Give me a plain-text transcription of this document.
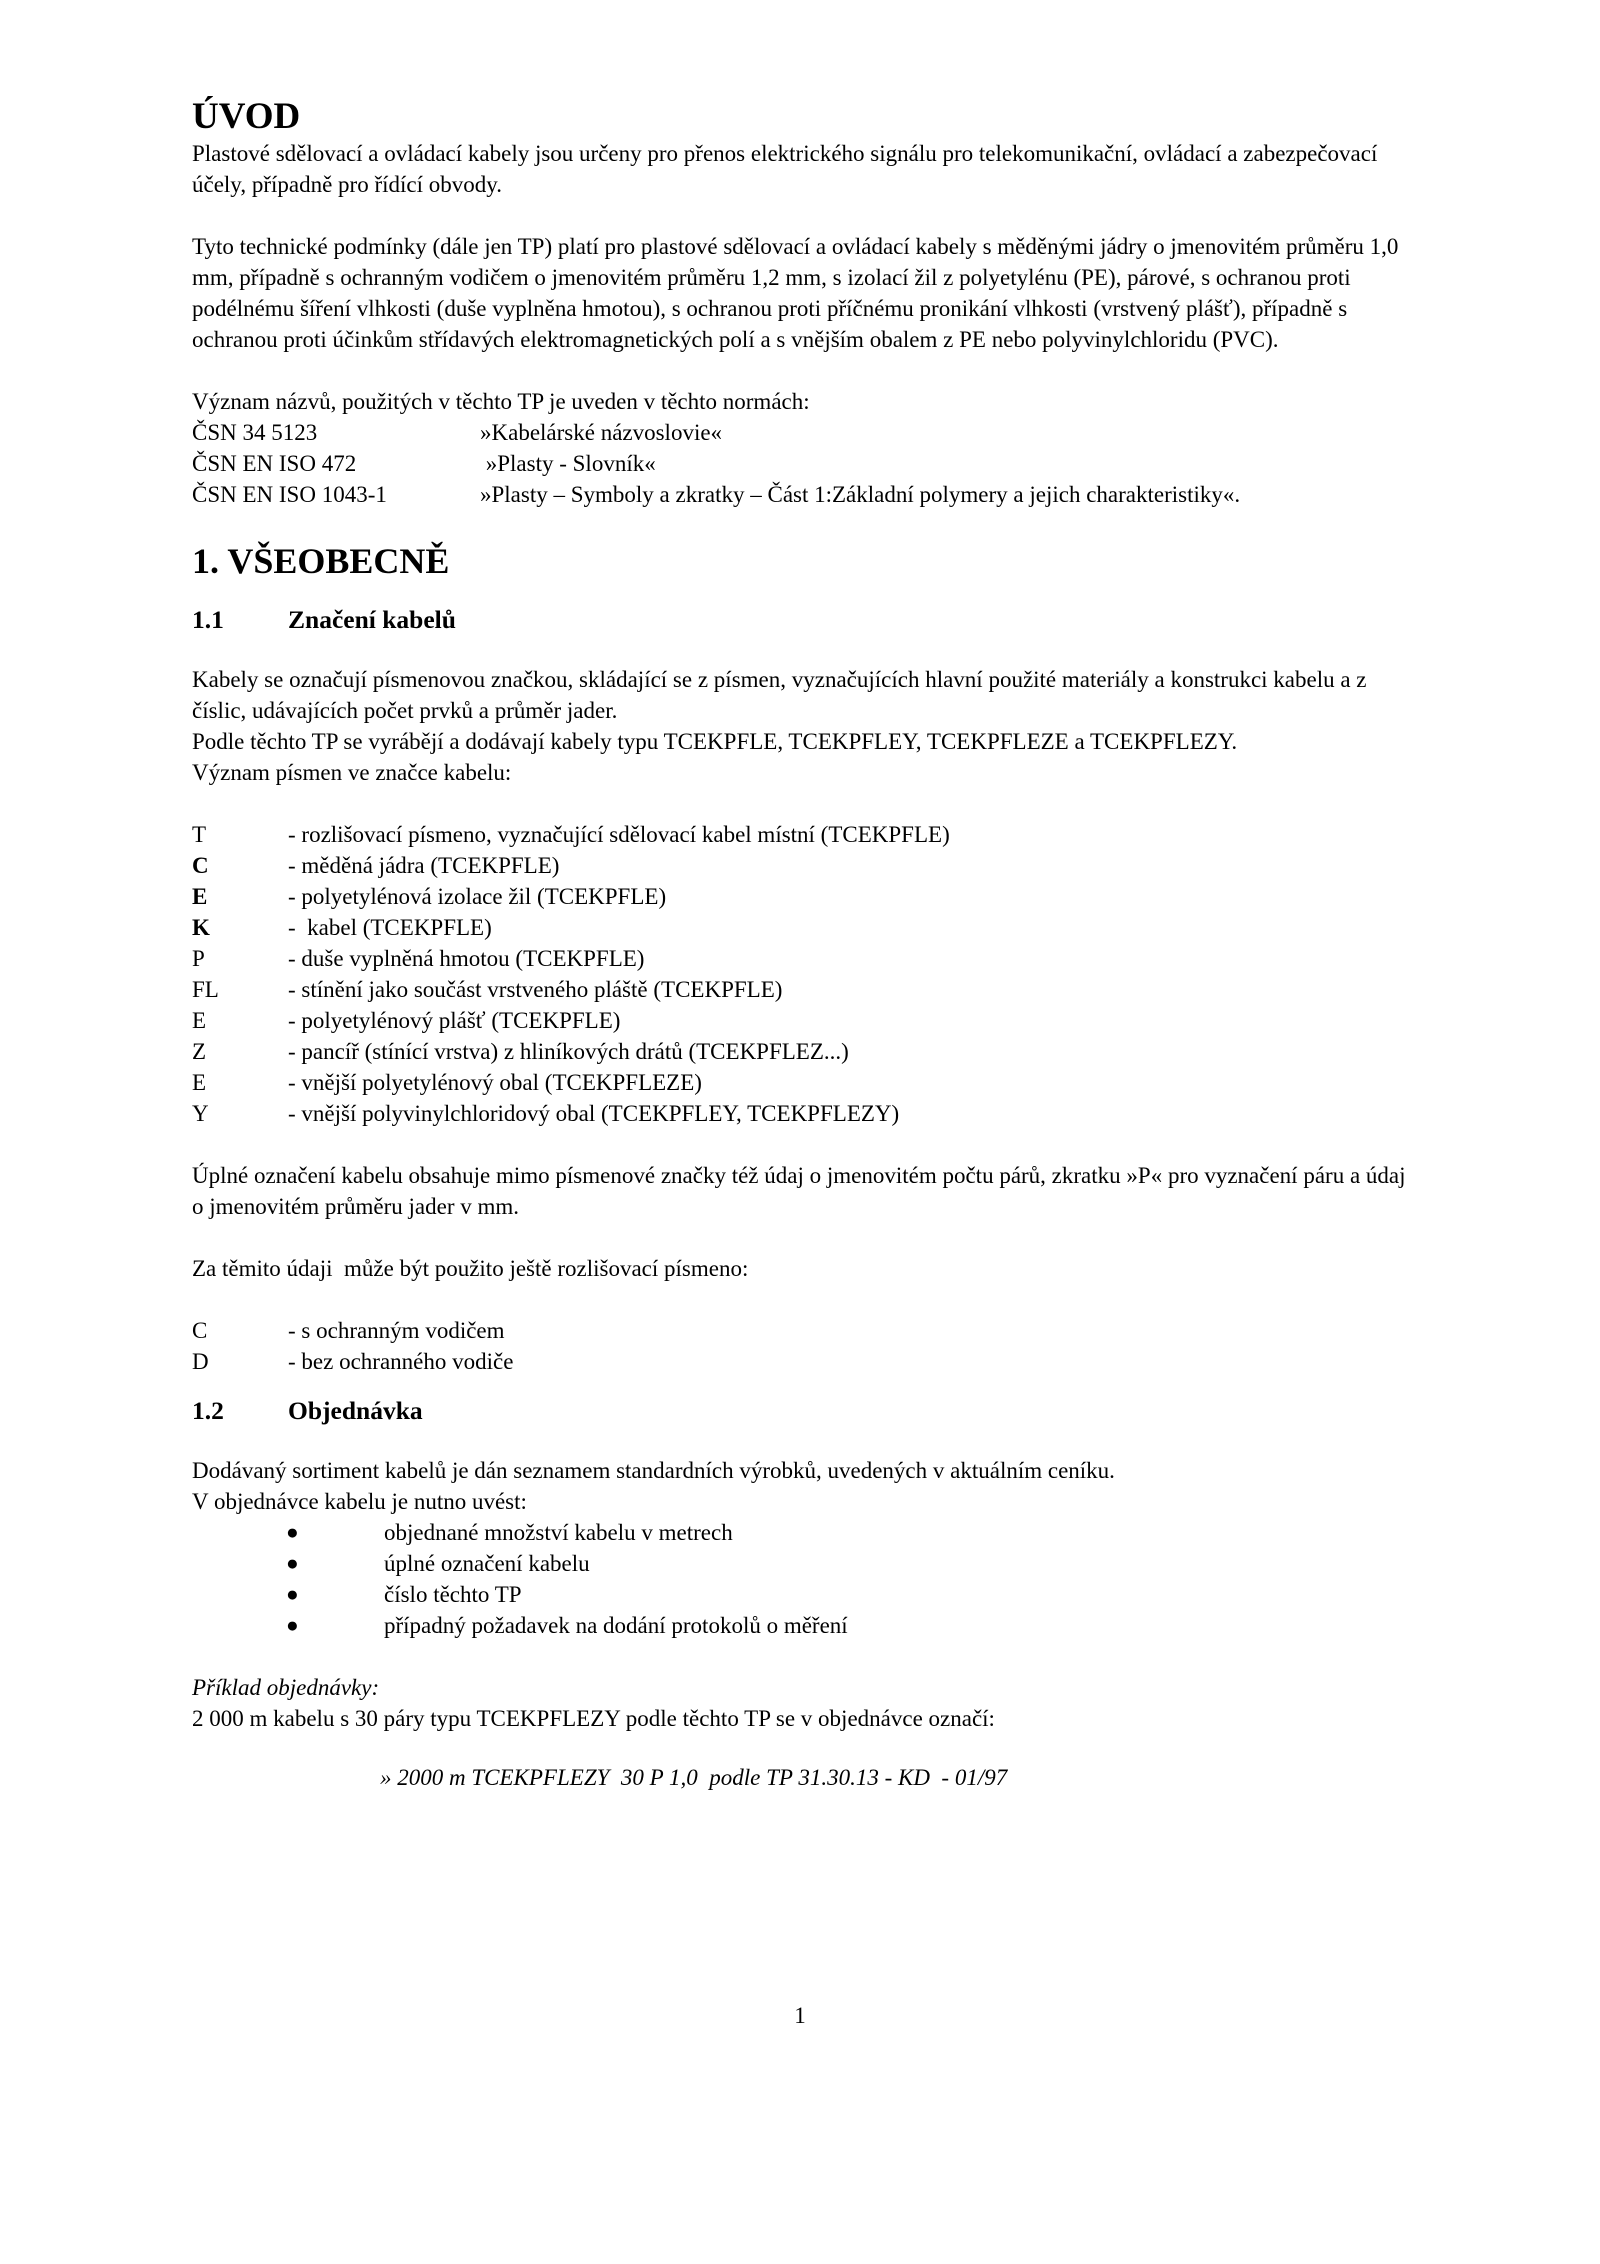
ÚVOD

Plastové sdělovací a ovládací kabely jsou určeny pro přenos elektrického signálu pro telekomunikační, ovládací a zabezpečovací účely, případně pro řídící obvody.

Tyto technické podmínky (dále jen TP) platí pro plastové sdělovací a ovládací kabely s měděnými jádry o jmenovitém průměru 1,0 mm, případně s ochranným vodičem o jmenovitém průměru 1,2 mm, s izolací žil z polyetylénu (PE), párové, s ochranou proti podélnému šíření vlhkosti (duše vyplněna hmotou), s ochranou proti příčnému pronikání vlhkosti (vrstvený plášť), případně s ochranou proti účinkům střídavých elektromagnetických polí a s vnějším obalem z PE nebo polyvinylchloridu (PVC).

Význam názvů, použitých v těchto TP je uveden v těchto normách:

ČSN 34 5123	»Kabelárské názvoslovie«
ČSN EN ISO 472	»Plasty - Slovník«
ČSN EN ISO 1043-1	»Plasty – Symboly a zkratky – Část 1:Základní polymery a jejich charakteristiky«.
1. VŠEOBECNĚ
1.1	Značení kabelů

Kabely se označují písmenovou značkou, skládající se z písmen, vyznačujících hlavní použité materiály a konstrukci kabelu a z číslic, udávajících počet prvků a průměr jader.

Podle těchto TP se vyrábějí a dodávají kabely typu TCEKPFLE, TCEKPFLEY, TCEKPFLEZE a TCEKPFLEZY.

Význam písmen ve značce kabelu:

T	- rozlišovací písmeno, vyznačující sdělovací kabel místní (TCEKPFLE)
C	- měděná jádra (TCEKPFLE)
E	- polyetylénová izolace žil (TCEKPFLE)
K	-  kabel (TCEKPFLE)
P	- duše vyplněná hmotou (TCEKPFLE)
FL	- stínění jako součást vrstveného pláště (TCEKPFLE)
E	- polyetylénový plášť (TCEKPFLE)
Z	- pancíř (stínící vrstva) z hliníkových drátů (TCEKPFLEZ...)
E	- vnější polyetylénový obal (TCEKPFLEZE)
Y	- vnější polyvinylchloridový obal (TCEKPFLEY, TCEKPFLEZY)

Úplné označení kabelu obsahuje mimo písmenové značky též údaj o jmenovitém počtu párů, zkratku »P« pro vyznačení páru a údaj o jmenovitém průměru jader v mm.

Za těmito údaji  může být použito ještě rozlišovací písmeno:

C	- s ochranným vodičem
D	- bez ochranného vodiče
1.2	Objednávka

Dodávaný sortiment kabelů je dán seznamem standardních výrobků, uvedených v aktuálním ceníku.

V objednávce kabelu je nutno uvést:

●	objednané množství kabelu v metrech
●	úplné označení kabelu
●	číslo těchto TP
●	případný požadavek na dodání protokolů o měření

Příklad objednávky:

2 000 m kabelu s 30 páry typu TCEKPFLEZY podle těchto TP se v objednávce označí:

» 2000 m TCEKPFLEZY  30 P 1,0  podle TP 31.30.13 - KD  - 01/97

1
